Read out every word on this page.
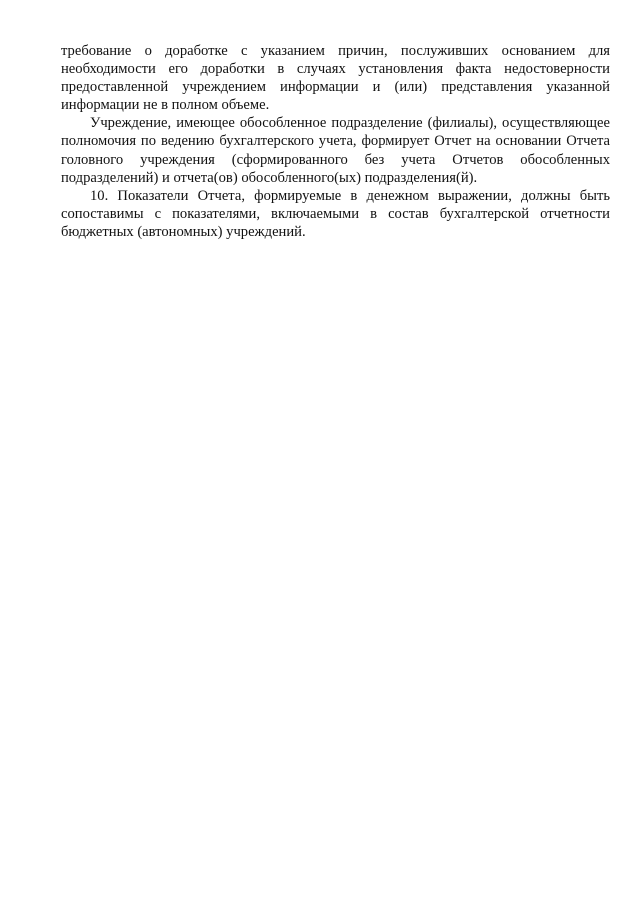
требование о доработке с указанием причин, послуживших основанием для необходимости его доработки в случаях установления факта недостоверности предоставленной учреждением информации и (или) представления указанной информации не в полном объеме.

Учреждение, имеющее обособленное подразделение (филиалы), осуществляющее полномочия по ведению бухгалтерского учета, формирует Отчет на основании Отчета головного учреждения (сформированного без учета Отчетов обособленных подразделений) и отчета(ов) обособленного(ых) подразделения(й).

10. Показатели Отчета, формируемые в денежном выражении, должны быть сопоставимы с показателями, включаемыми в состав бухгалтерской отчетности бюджетных (автономных) учреждений.
